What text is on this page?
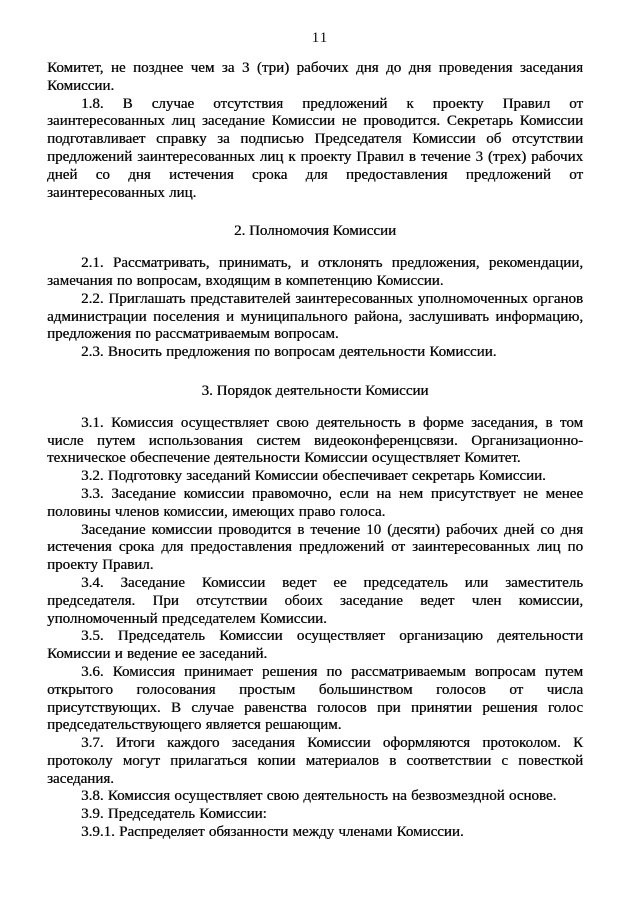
11

Комитет, не позднее чем за 3 (три) рабочих дня до дня проведения заседания Комиссии.

1.8. В случае отсутствия предложений к проекту Правил от заинтересованных лиц заседание Комиссии не проводится. Секретарь Комиссии подготавливает справку за подписью Председателя Комиссии об отсутствии предложений заинтересованных лиц к проекту Правил в течение 3 (трех) рабочих дней со дня истечения срока для предоставления предложений от заинтересованных лиц.

2. Полномочия Комиссии

2.1. Рассматривать, принимать, и отклонять предложения, рекомендации, замечания по вопросам, входящим в компетенцию Комиссии.

2.2. Приглашать представителей заинтересованных уполномоченных органов администрации поселения и муниципального района, заслушивать информацию, предложения по рассматриваемым вопросам.

2.3. Вносить предложения по вопросам деятельности Комиссии.

3. Порядок деятельности Комиссии

3.1. Комиссия осуществляет свою деятельность в форме заседания, в том числе путем использования систем видеоконференцсвязи. Организационно-техническое обеспечение деятельности Комиссии осуществляет Комитет.

3.2. Подготовку заседаний Комиссии обеспечивает секретарь Комиссии.

3.3. Заседание комиссии правомочно, если на нем присутствует не менее половины членов комиссии, имеющих право голоса.

Заседание комиссии проводится в течение 10 (десяти) рабочих дней со дня истечения срока для предоставления предложений от заинтересованных лиц по проекту Правил.

3.4. Заседание Комиссии ведет ее председатель или заместитель председателя. При отсутствии обоих заседание ведет член комиссии, уполномоченный председателем Комиссии.

3.5. Председатель Комиссии осуществляет организацию деятельности Комиссии и ведение ее заседаний.

3.6. Комиссия принимает решения по рассматриваемым вопросам путем открытого голосования простым большинством голосов от числа присутствующих. В случае равенства голосов при принятии решения голос председательствующего является решающим.

3.7. Итоги каждого заседания Комиссии оформляются протоколом. К протоколу могут прилагаться копии материалов в соответствии с повесткой заседания.

3.8. Комиссия осуществляет свою деятельность на безвозмездной основе.

3.9. Председатель Комиссии:

3.9.1. Распределяет обязанности между членами Комиссии.
